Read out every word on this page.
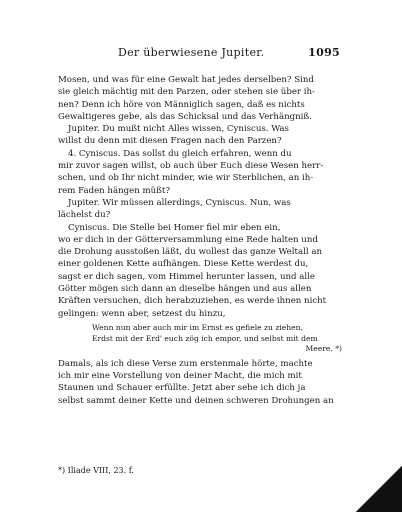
Der überwiesene Jupiter.	1095
Mosen, und was für eine Gewalt hat jedes derselben? Sind
sie gleich mächtig mit den Parzen, oder stehen sie über ih-
nen? Denn ich höre von Männiglich sagen, daß es nichts
Gewaltigeres gebe, als das Schicksal und das Verhängniß.
Jupiter. Du mußt nicht Alles wissen, Cyniscus. Was
willst du denn mit diesen Fragen nach den Parzen?
4. Cyniscus. Das sollst du gleich erfahren, wenn du
mir zuvor sagen willst, ob auch über Euch diese Wesen herr-
schen, und ob Ihr nicht minder, wie wir Sterblichen, an ih-
rem Faden hängen müßt?
Jupiter. Wir müssen allerdings, Cyniscus. Nun, was
lächelst du?
Cyniscus. Die Stelle bei Homer fiel mir eben ein,
wo er dich in der Götterversammlung eine Rede halten und
die Drohung ausstoßen läßt, du wollest das ganze Weltall an
einer goldenen Kette aufhängen. Diese Kette werdest du,
sagst er dich sagen, vom Himmel herunter lassen, und alle
Götter mögen sich dann an dieselbe hängen und aus allen
Kräften versuchen, dich herabzuziehen, es werde ihnen nicht
gelingen: wenn aber, setzest du hinzu,
Wenn nun aber auch mir im Ernst es gefiele zu ziehen,
Erdst mit der Erd' euch zög ich empor, und selbst mit dem
Meere. *)
Damals, als ich diese Verse zum erstenmale hörte, machte
ich mir eine Vorstellung von deiner Macht, die mich mit
Staunen und Schauer erfüllte. Jetzt aber sehe ich dich ja
selbst sammt deiner Kette und deinen schweren Drohungen an
*) Iliade VIII, 23. f.
